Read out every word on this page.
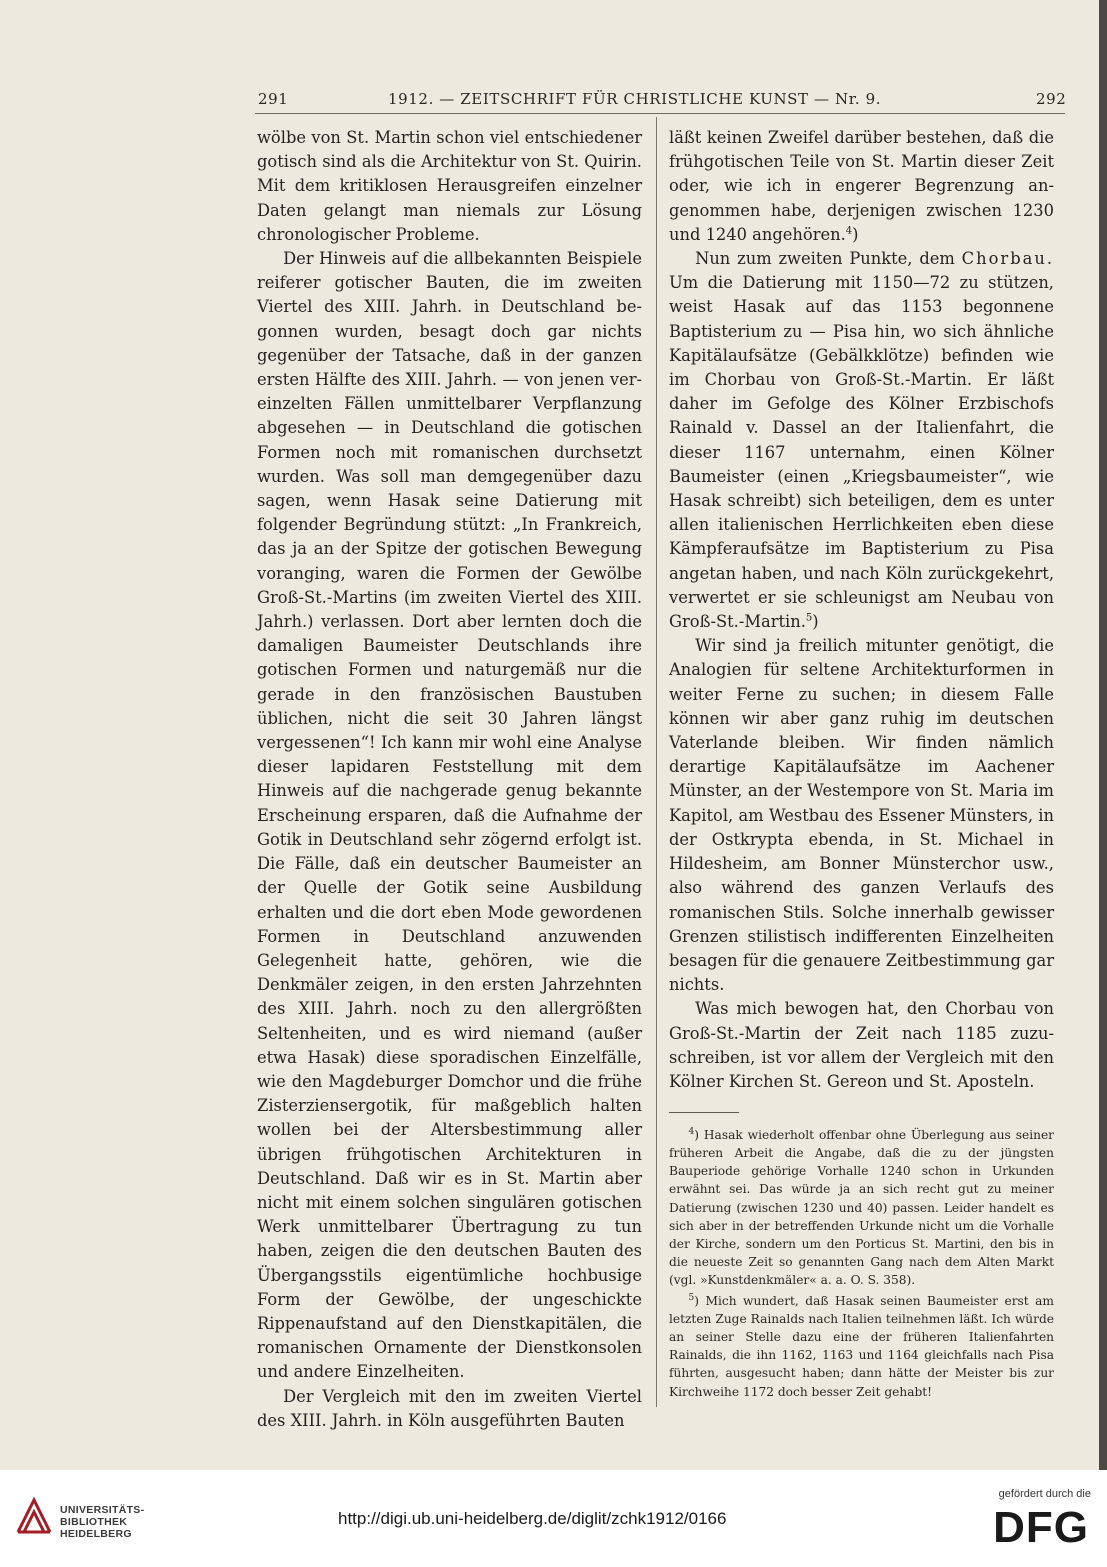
291	1912. — ZEITSCHRIFT FÜR CHRISTLICHE KUNST — Nr. 9.	292

wölbe von St. Martin schon viel entschiedener gotisch sind als die Architektur von St. Quirin. Mit dem kritiklosen Herausgreifen einzelner Daten gelangt man niemals zur Lösung chronologischer Probleme.

Der Hinweis auf die allbekannten Beispiele reiferer gotischer Bauten, die im zweiten Viertel des XIII. Jahrh. in Deutschland begonnen wurden, besagt doch gar nichts gegenüber der Tatsache, daß in der ganzen ersten Hälfte des XIII. Jahrh. — von jenen vereinzelten Fällen unmittelbarer Verpflanzung abgesehen — in Deutschland die gotischen Formen noch mit romanischen durchsetzt wurden. Was soll man demgegenüber dazu sagen, wenn Hasak seine Datierung mit folgender Begründung stützt: „In Frankreich, das ja an der Spitze der gotischen Bewegung voranging, waren die Formen der Gewölbe Groß-St.-Martins (im zweiten Viertel des XIII. Jahrh.) verlassen. Dort aber lernten doch die damaligen Baumeister Deutschlands ihre gotischen Formen und naturgemäß nur die gerade in den französischen Baustuben üblichen, nicht die seit 30 Jahren längst vergessenen“! Ich kann mir wohl eine Analyse dieser lapidaren Feststellung mit dem Hinweis auf die nachgerade genug bekannte Erscheinung ersparen, daß die Aufnahme der Gotik in Deutschland sehr zögernd erfolgt ist. Die Fälle, daß ein deutscher Baumeister an der Quelle der Gotik seine Ausbildung erhalten und die dort eben Mode gewordenen Formen in Deutschland anzuwenden Gelegenheit hatte, gehören, wie die Denkmäler zeigen, in den ersten Jahrzehnten des XIII. Jahrh. noch zu den allergrößten Seltenheiten, und es wird niemand (außer etwa Hasak) diese sporadischen Einzelfälle, wie den Magdeburger Domchor und die frühe Zisterziensergotik, für maßgeblich halten wollen bei der Altersbestimmung aller übrigen frühgotischen Architekturen in Deutschland. Daß wir es in St. Martin aber nicht mit einem solchen singulären gotischen Werk unmittelbarer Übertragung zu tun haben, zeigen die den deutschen Bauten des Übergangsstils eigentümliche hochbusige Form der Gewölbe, der ungeschickte Rippenaufstand auf den Dienstkapitälen, die romanischen Ornamente der Dienstkonsolen und andere Einzelheiten.

Der Vergleich mit den im zweiten Viertel des XIII. Jahrh. in Köln ausgeführten Bauten

läßt keinen Zweifel darüber bestehen, daß die frühgotischen Teile von St. Martin dieser Zeit oder, wie ich in engerer Begrenzung angenommen habe, derjenigen zwischen 1230 und 1240 angehören.$^4$)

Nun zum zweiten Punkte, dem Chorbau. Um die Datierung mit 1150—72 zu stützen, weist Hasak auf das 1153 begonnene Baptisterium zu — Pisa hin, wo sich ähnliche Kapitälaufsätze (Gebälkklötze) befinden wie im Chorbau von Groß-St.-Martin. Er läßt daher im Gefolge des Kölner Erzbischofs Rainald v. Dassel an der Italienfahrt, die dieser 1167 unternahm, einen Kölner Baumeister (einen „Kriegsbaumeister“, wie Hasak schreibt) sich beteiligen, dem es unter allen italienischen Herrlichkeiten eben diese Kämpferaufsätze im Baptisterium zu Pisa angetan haben, und nach Köln zurückgekehrt, verwertet er sie schleunigst am Neubau von Groß-St.-Martin.$^5$)

Wir sind ja freilich mitunter genötigt, die Analogien für seltene Architekturformen in weiter Ferne zu suchen; in diesem Falle können wir aber ganz ruhig im deutschen Vaterlande bleiben. Wir finden nämlich derartige Kapitälaufsätze im Aachener Münster, an der Westempore von St. Maria im Kapitol, am Westbau des Essener Münsters, in der Ostkrypta ebenda, in St. Michael in Hildesheim, am Bonner Münsterchor usw., also während des ganzen Verlaufs des romanischen Stils. Solche innerhalb gewisser Grenzen stilistisch indifferenten Einzelheiten besagen für die genauere Zeitbestimmung gar nichts.

Was mich bewogen hat, den Chorbau von Groß-St.-Martin der Zeit nach 1185 zuzuschreiben, ist vor allem der Vergleich mit den Kölner Kirchen St. Gereon und St. Aposteln.

$^4$) Hasak wiederholt offenbar ohne Überlegung aus seiner früheren Arbeit die Angabe, daß die zu der jüngsten Bauperiode gehörige Vorhalle 1240 schon in Urkunden erwähnt sei. Das würde ja an sich recht gut zu meiner Datierung (zwischen 1230 und 40) passen. Leider handelt es sich aber in der betreffenden Urkunde nicht um die Vorhalle der Kirche, sondern um den Porticus St. Martini, den bis in die neueste Zeit so genannten Gang nach dem Alten Markt (vgl. »Kunstdenkmäler« a. a. O. S. 358).

$^5$) Mich wundert, daß Hasak seinen Baumeister erst am letzten Zuge Rainalds nach Italien teilnehmen läßt. Ich würde an seiner Stelle dazu eine der früheren Italienfahrten Rainalds, die ihn 1162, 1163 und 1164 gleichfalls nach Pisa führten, ausgesucht haben; dann hätte der Meister bis zur Kirchweihe 1172 doch besser Zeit gehabt!

UNIVERSITÄTS-
BIBLIOTHEK
HEIDELBERG
http://digi.ub.uni-heidelberg.de/diglit/zchk1912/0166
gefördert durch die
DFG
